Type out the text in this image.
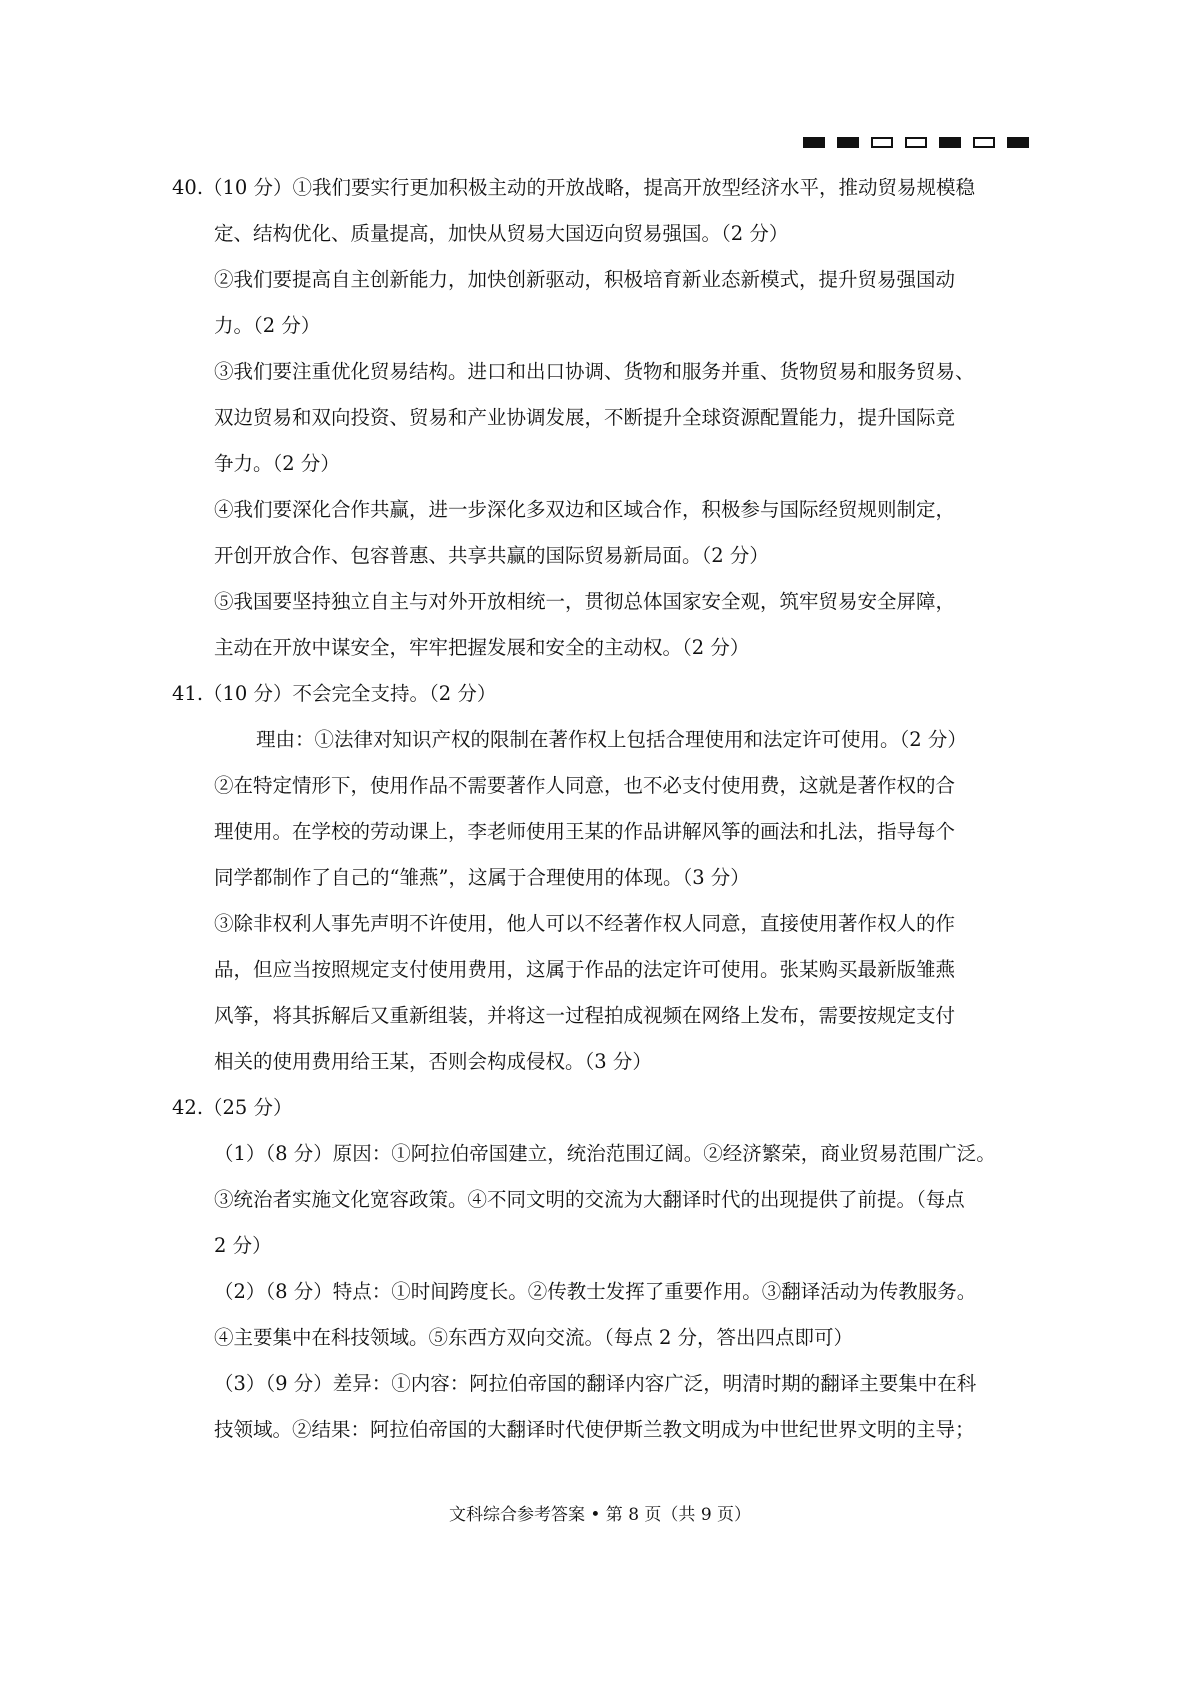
40.（10 分）①我们要实行更加积极主动的开放战略，提高开放型经济水平，推动贸易规模稳
定、结构优化、质量提高，加快从贸易大国迈向贸易强国。（2 分）
②我们要提高自主创新能力，加快创新驱动，积极培育新业态新模式，提升贸易强国动
力。（2 分）
③我们要注重优化贸易结构。进口和出口协调、货物和服务并重、货物贸易和服务贸易、
双边贸易和双向投资、贸易和产业协调发展，不断提升全球资源配置能力，提升国际竞
争力。（2 分）
④我们要深化合作共赢，进一步深化多双边和区域合作，积极参与国际经贸规则制定，
开创开放合作、包容普惠、共享共赢的国际贸易新局面。（2 分）
⑤我国要坚持独立自主与对外开放相统一，贯彻总体国家安全观，筑牢贸易安全屏障，
主动在开放中谋安全，牢牢把握发展和安全的主动权。（2 分）
41.（10 分）不会完全支持。（2 分）
理由：①法律对知识产权的限制在著作权上包括合理使用和法定许可使用。（2 分）
②在特定情形下，使用作品不需要著作人同意，也不必支付使用费，这就是著作权的合
理使用。在学校的劳动课上，李老师使用王某的作品讲解风筝的画法和扎法，指导每个
同学都制作了自己的“雏燕”，这属于合理使用的体现。（3 分）
③除非权利人事先声明不许使用，他人可以不经著作权人同意，直接使用著作权人的作
品，但应当按照规定支付使用费用，这属于作品的法定许可使用。张某购买最新版雏燕
风筝，将其拆解后又重新组装，并将这一过程拍成视频在网络上发布，需要按规定支付
相关的使用费用给王某，否则会构成侵权。（3 分）
42.（25 分）
（1）（8 分）原因：①阿拉伯帝国建立，统治范围辽阔。②经济繁荣，商业贸易范围广泛。
③统治者实施文化宽容政策。④不同文明的交流为大翻译时代的出现提供了前提。（每点
2 分）
（2）（8 分）特点：①时间跨度长。②传教士发挥了重要作用。③翻译活动为传教服务。
④主要集中在科技领域。⑤东西方双向交流。（每点 2 分，答出四点即可）
（3）（9 分）差异：①内容：阿拉伯帝国的翻译内容广泛，明清时期的翻译主要集中在科
技领域。②结果：阿拉伯帝国的大翻译时代使伊斯兰教文明成为中世纪世界文明的主导；
文科综合参考答案 • 第 8 页（共 9 页）
